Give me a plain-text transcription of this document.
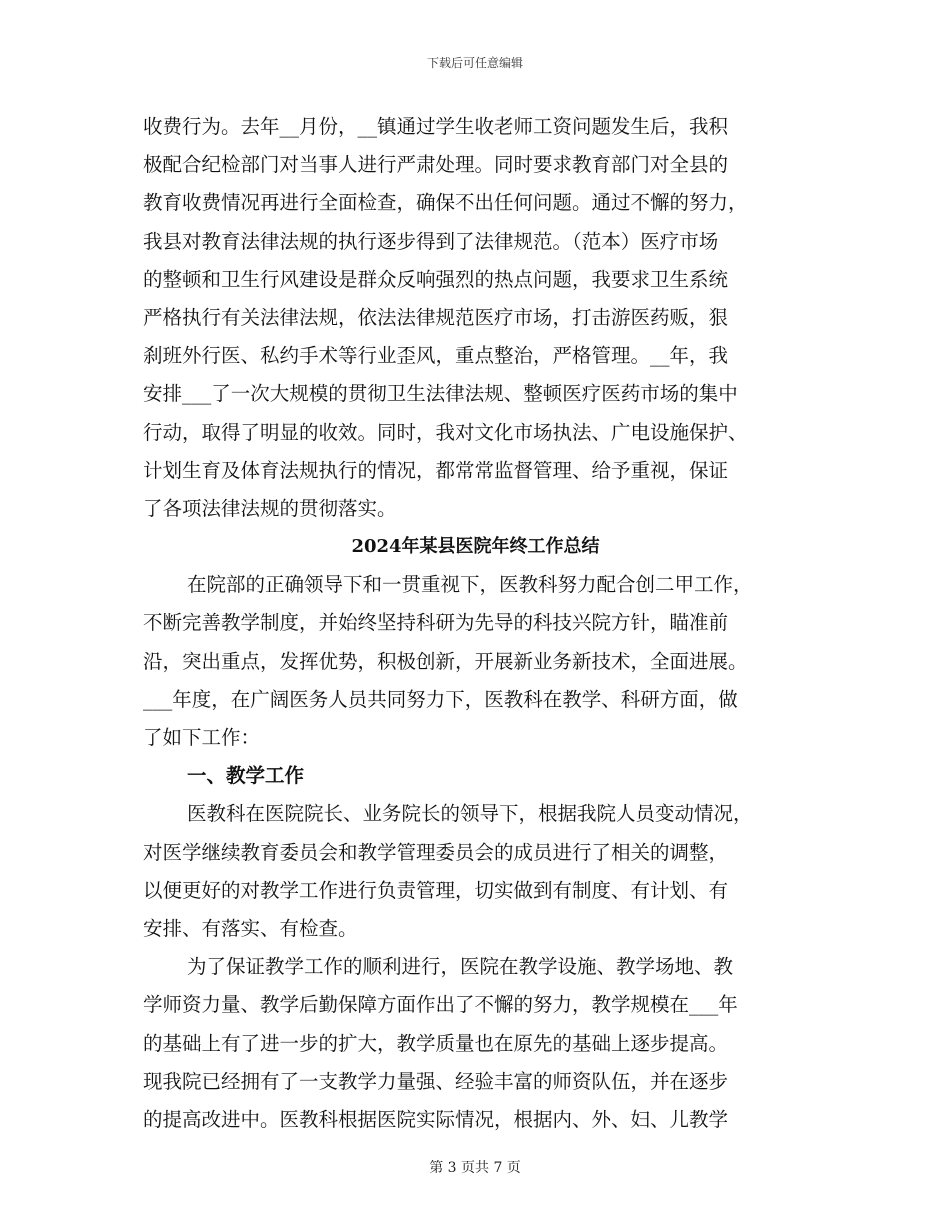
下载后可任意编辑
收费行为。去年__月份，__镇通过学生收老师工资问题发生后，我积
极配合纪检部门对当事人进行严肃处理。同时要求教育部门对全县的
教育收费情况再进行全面检查，确保不出任何问题。通过不懈的努力，
我县对教育法律法规的执行逐步得到了法律规范。（范本）医疗市场
的整顿和卫生行风建设是群众反响强烈的热点问题，我要求卫生系统
严格执行有关法律法规，依法法律规范医疗市场，打击游医药贩，狠
刹班外行医、私约手术等行业歪风，重点整治，严格管理。__年，我
安排___了一次大规模的贯彻卫生法律法规、整顿医疗医药市场的集中
行动，取得了明显的收效。同时，我对文化市场执法、广电设施保护、
计划生育及体育法规执行的情况，都常常监督管理、给予重视，保证
了各项法律法规的贯彻落实。
2024年某县医院年终工作总结
在院部的正确领导下和一贯重视下，医教科努力配合创二甲工作，
不断完善教学制度，并始终坚持科研为先导的科技兴院方针，瞄准前
沿，突出重点，发挥优势，积极创新，开展新业务新技术，全面进展。
___年度，在广阔医务人员共同努力下，医教科在教学、科研方面，做
了如下工作：
一、教学工作
医教科在医院院长、业务院长的领导下，根据我院人员变动情况，
对医学继续教育委员会和教学管理委员会的成员进行了相关的调整，
以便更好的对教学工作进行负责管理，切实做到有制度、有计划、有
安排、有落实、有检查。
为了保证教学工作的顺利进行，医院在教学设施、教学场地、教
学师资力量、教学后勤保障方面作出了不懈的努力，教学规模在___年
的基础上有了进一步的扩大，教学质量也在原先的基础上逐步提高。
现我院已经拥有了一支教学力量强、经验丰富的师资队伍，并在逐步
的提高改进中。医教科根据医院实际情况，根据内、外、妇、儿教学
第 3 页共 7 页
